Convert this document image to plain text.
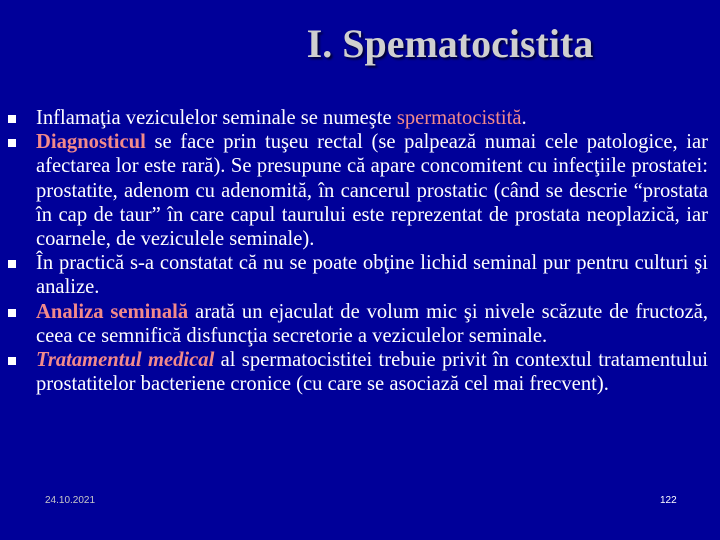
I. Spematocistita
Inflamaţia veziculelor seminale se numeşte spermatocistită.
Diagnosticul se face prin tuşeu rectal (se palpează numai cele patologice, iar afectarea lor este rară). Se presupune că apare concomitent cu infecţiile prostatei: prostatite, adenom cu adenomită, în cancerul prostatic (când se descrie “prostata în cap de taur” în care capul taurului este reprezentat de prostata neoplazică, iar coarnele, de veziculele seminale).
În practică s-a constatat că nu se poate obţine lichid seminal pur pentru culturi şi analize.
Analiza seminală arată un ejaculat de volum mic şi nivele scăzute de fructoză, ceea ce semnifică disfuncţia secretorie a veziculelor seminale.
Tratamentul medical al spermatocistitei trebuie privit în contextul tratamentului prostatitelor bacteriene cronice (cu care se asociază cel mai frecvent).
24.10.2021	122
